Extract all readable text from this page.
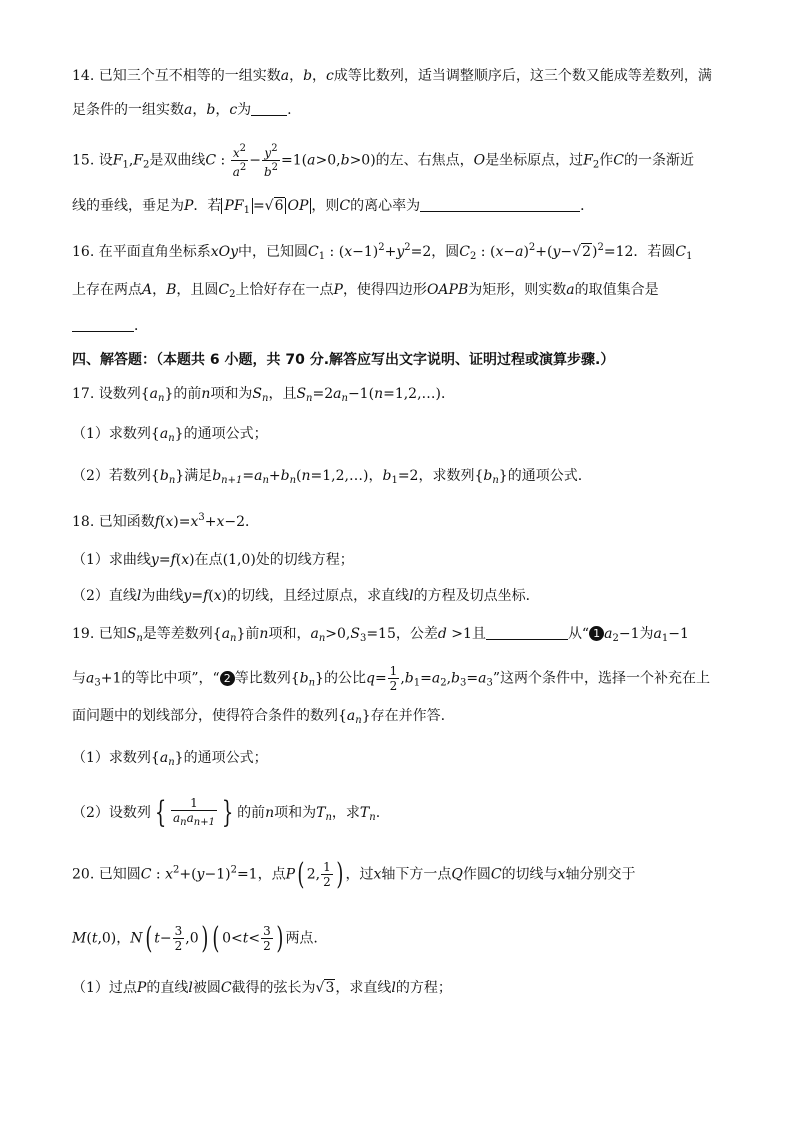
14. 已知三个互不相等的一组实数a，b，c成等比数列，适当调整顺序后，这三个数又能成等差数列，满
足条件的一组实数a，b，c为	.
15. 设$F_1,F_2$是双曲线C : $\frac{x^2}{a^2} - \frac{y^2}{b^2} =1(a>0,b>0)$的左、右焦点，O是坐标原点，过$F_2$作C的一条渐近
线的垂线，垂足为P．若 $PF_1 =√6$ OP ，则C的离心率为	．
16. 在平面直角坐标系xOy中，已知圆$C_1$ : $(x-1)^2+y^2=2$，圆$C_2$ : $(x-a)^2+(y-√2)^2=12$．若圆$C_1$
上存在两点A，B，且圆$C_2$上恰好存在一点P，使得四边形OAPB为矩形，则实数a的取值集合是
．
四、解答题：（本题共 6 小题，共 70 分.解答应写出文字说明、证明过程或演算步骤.）
17. 设数列$\{a_n\}$的前n项和为$S_n$，且$S_n=2a_n-1(n=1,2,\dots)$．
（1）求数列$\{a_n\}$的通项公式；
（2）若数列$\{b_n\}$满足$b_{n+1}=a_n+b_n(n=1,2,\dots)$，$b_1=2$，求数列$\{b_n\}$的通项公式.
18. 已知函数$f(x)=x^3+x-2$．
（1）求曲线y=f(x)在点(1,0)处的切线方程；
（2）直线l为曲线y=f(x)的切线，且经过原点，求直线l的方程及切点坐标．
19. 已知$S_n$是等差数列$\{a_n\}$前n项和，$a_n>0,S_3=15$，公差d >1且	从“ 1 $a_2-1$为$a_1-1$
与$a_3+1$的等比中项”，“ 2 等比数列$\{b_n\}$的公比$q= \frac{1}{2} ,b_1=a_2,b_3=a_3$”这两个条件中，选择一个补充在上
面问题中的划线部分，使得符合条件的数列$\{a_n\}$存在并作答.
（1）求数列$\{a_n\}$的通项公式；
（2）设数列 { $\frac{1}{a_na_{n+1}}$ } 的前n项和为$T_n$，求$T_n$.
20. 已知圆C : $x^2+(y-1)^2=1$，点P( 2, $\frac{1}{2}$ ) ，过x轴下方一点Q作圆C的切线与x轴分别交于
M(t,0)，N( $t- \frac{3}{2} ,0$) ( $0<t< \frac{3}{2}$ ) 两点.
（1）过点P的直线l被圆C截得的弦长为√3，求直线l的方程；
